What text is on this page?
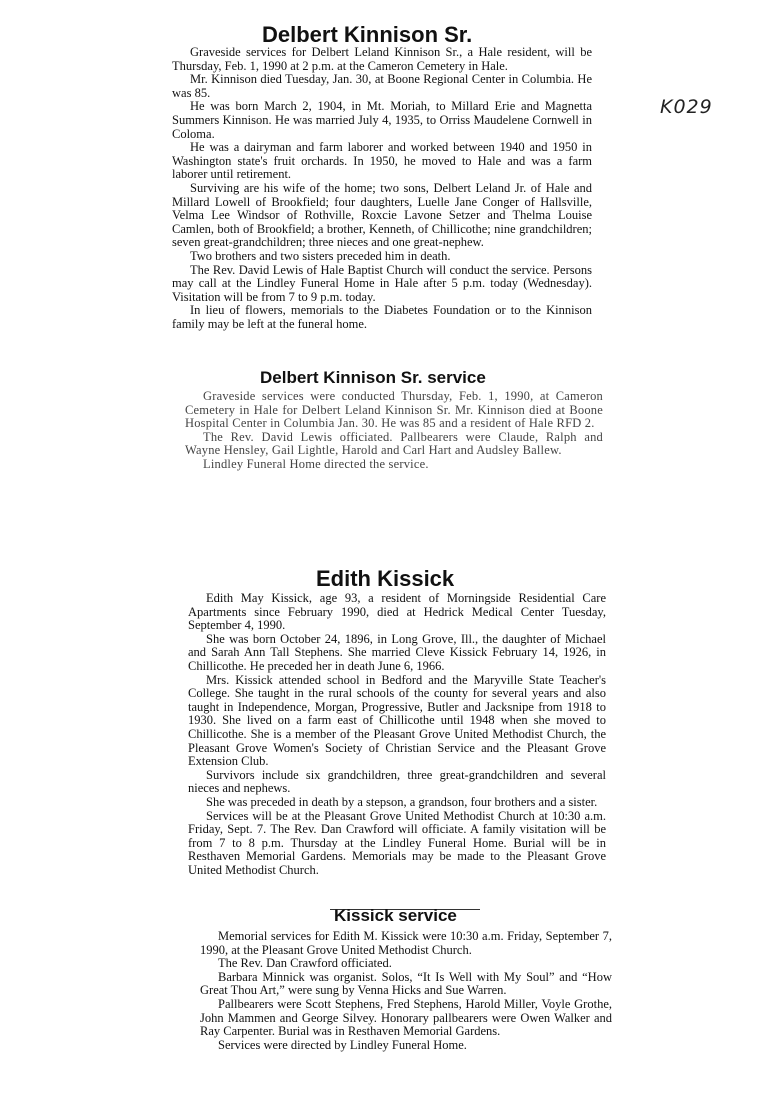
K029
Delbert Kinnison Sr.

Graveside services for Delbert Leland Kinnison Sr., a Hale resident, will be Thursday, Feb. 1, 1990 at 2 p.m. at the Cameron Cemetery in Hale.

Mr. Kinnison died Tuesday, Jan. 30, at Boone Regional Center in Columbia. He was 85.

He was born March 2, 1904, in Mt. Moriah, to Millard Erie and Magnetta Summers Kinnison. He was married July 4, 1935, to Orriss Maudelene Cornwell in Coloma.

He was a dairyman and farm laborer and worked between 1940 and 1950 in Washington state's fruit orchards. In 1950, he moved to Hale and was a farm laborer until retirement.

Surviving are his wife of the home; two sons, Delbert Leland Jr. of Hale and Millard Lowell of Brookfield; four daughters, Luelle Jane Conger of Hallsville, Velma Lee Windsor of Rothville, Roxcie Lavone Setzer and Thelma Louise Camlen, both of Brookfield; a brother, Kenneth, of Chillicothe; nine grandchildren; seven great-grandchildren; three nieces and one great-nephew.

Two brothers and two sisters preceded him in death.

The Rev. David Lewis of Hale Baptist Church will conduct the service. Persons may call at the Lindley Funeral Home in Hale after 5 p.m. today (Wednesday). Visitation will be from 7 to 9 p.m. today.

In lieu of flowers, memorials to the Diabetes Foundation or to the Kinnison family may be left at the funeral home.

Delbert Kinnison Sr. service

Graveside services were conducted Thursday, Feb. 1, 1990, at Cameron Cemetery in Hale for Delbert Leland Kinnison Sr. Mr. Kinnison died at Boone Hospital Center in Columbia Jan. 30. He was 85 and a resident of Hale RFD 2.

The Rev. David Lewis officiated. Pallbearers were Claude, Ralph and Wayne Hensley, Gail Lightle, Harold and Carl Hart and Audsley Ballew.

Lindley Funeral Home directed the service.

Edith Kissick

Edith May Kissick, age 93, a resident of Morningside Residential Care Apartments since February 1990, died at Hedrick Medical Center Tuesday, September 4, 1990.

She was born October 24, 1896, in Long Grove, Ill., the daughter of Michael and Sarah Ann Tall Stephens. She married Cleve Kissick February 14, 1926, in Chillicothe. He preceded her in death June 6, 1966.

Mrs. Kissick attended school in Bedford and the Maryville State Teacher's College. She taught in the rural schools of the county for several years and also taught in Independence, Morgan, Progressive, Butler and Jacksnipe from 1918 to 1930. She lived on a farm east of Chillicothe until 1948 when she moved to Chillicothe. She is a member of the Pleasant Grove United Methodist Church, the Pleasant Grove Women's Society of Christian Service and the Pleasant Grove Extension Club.

Survivors include six grandchildren, three great-grandchildren and several nieces and nephews.

She was preceded in death by a stepson, a grandson, four brothers and a sister.

Services will be at the Pleasant Grove United Methodist Church at 10:30 a.m. Friday, Sept. 7. The Rev. Dan Crawford will officiate. A family visitation will be from 7 to 8 p.m. Thursday at the Lindley Funeral Home. Burial will be in Resthaven Memorial Gardens. Memorials may be made to the Pleasant Grove United Methodist Church.

Kissick service

Memorial services for Edith M. Kissick were 10:30 a.m. Friday, September 7, 1990, at the Pleasant Grove United Methodist Church.

The Rev. Dan Crawford officiated.

Barbara Minnick was organist. Solos, “It Is Well with My Soul” and “How Great Thou Art,” were sung by Venna Hicks and Sue Warren.

Pallbearers were Scott Stephens, Fred Stephens, Harold Miller, Voyle Grothe, John Mammen and George Silvey. Honorary pallbearers were Owen Walker and Ray Carpenter. Burial was in Resthaven Memorial Gardens.

Services were directed by Lindley Funeral Home.
